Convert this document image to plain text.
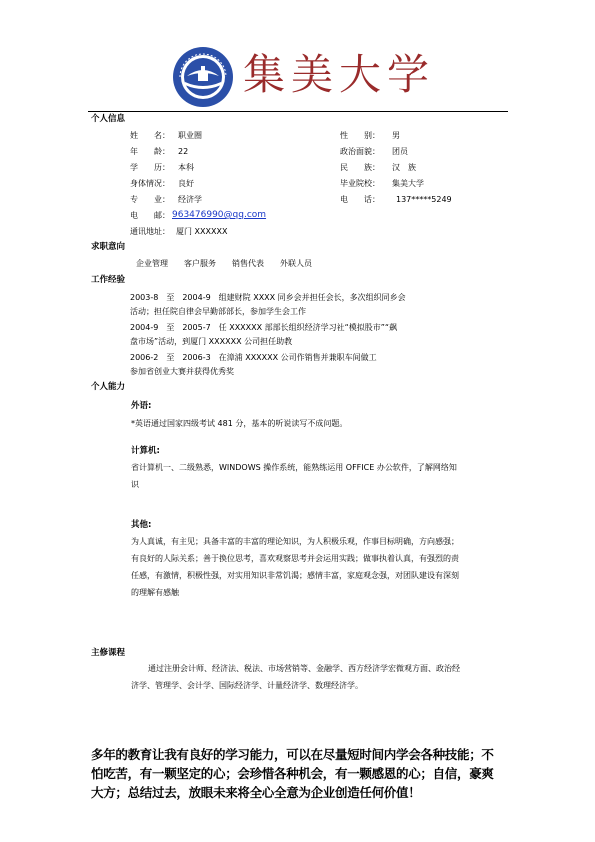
集美大学
个人信息
姓　　名： 职业圈
年　　龄： 22
学　　历： 本科
身体情况： 良好
专　　业： 经济学
电　　邮： 963476990@qq.com
通讯地址： 厦门 XXXXXX
性　　别： 男
政治面貌： 团员
民　　族： 汉　族
毕业院校： 集美大学
电　　话： 137*****5249
求职意向
企业管理　　客户服务　　销售代表　　外联人员
工作经验
2003-8　至　2004-9　组建财院 XXXX 同乡会并担任会长，多次组织同乡会
活动；担任院自律会早勤部部长，参加学生会工作
2004-9　至　2005-7　任 XXXXXX 部部长组织经济学习社“模拟股市”“飙
盘市场”活动，到厦门 XXXXXX 公司担任助教
2006-2　至　2006-3　在漳浦 XXXXXX 公司作销售并兼职车间做工
参加省创业大赛并获得优秀奖
个人能力
外语:
*英语通过国家四级考试 481 分，基本的听说读写不成问题。
计算机:
省计算机一、二级熟悉，WINDOWS 操作系统，能熟练运用 OFFICE 办公软件，了解网络知识
其他:
为人真诚，有主见；具备丰富的丰富的理论知识，为人积极乐观，作事目标明确，方向感强；有良好的人际关系；善于换位思考，喜欢观察思考并会运用实践；做事执着认真，有强烈的责任感，有激情，积极性强，对实用知识非常饥渴；感情丰富，家庭观念强，对团队建设有深刻的理解有感触
主修课程
通过注册会计师、经济法、税法、市场营销等、金融学、西方经济学宏微观方面、政治经济学、管理学、会计学、国际经济学、计量经济学、数理经济学。
多年的教育让我有良好的学习能力，可以在尽量短时间内学会各种技能；不怕吃苦，有一颗坚定的心；会珍惜各种机会，有一颗感恩的心；自信，豪爽大方；总结过去，放眼未来将全心全意为企业创造任何价值！
